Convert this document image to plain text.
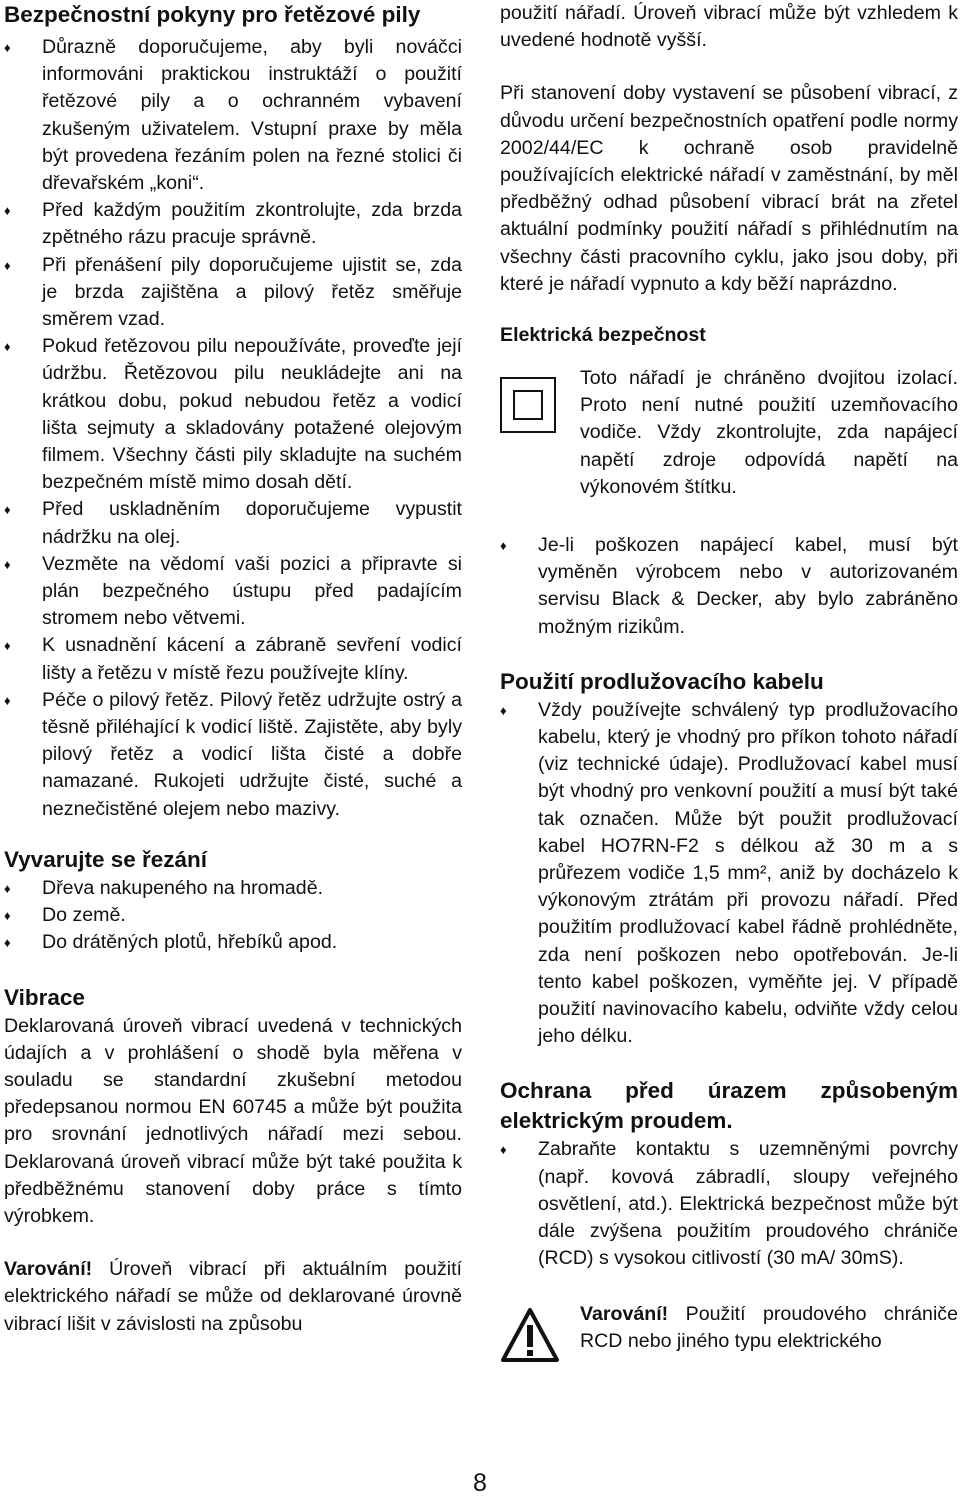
Bezpečnostní pokyny pro řetězové pily
♦ Důrazně doporučujeme, aby byli nováčci informováni praktickou instruktáží o použití řetězové pily a o ochranném vybavení zkušeným uživatelem. Vstupní praxe by měla být provedena řezáním polen na řezné stolici či dřevařském „koni“.
♦ Před každým použitím zkontrolujte, zda brzda zpětného rázu pracuje správně.
♦ Při přenášení pily doporučujeme ujistit se, zda je brzda zajištěna a pilový řetěz směřuje směrem vzad.
♦ Pokud řetězovou pilu nepoužíváte, proveďte její údržbu. Řetězovou pilu neukládejte ani na krátkou dobu, pokud nebudou řetěz a vodicí lišta sejmuty a skladovány potažené olejovým filmem. Všechny části pily skladujte na suchém bezpečném místě mimo dosah dětí.
♦ Před uskladněním doporučujeme vypustit nádržku na olej.
♦ Vezměte na vědomí vaši pozici a připravte si plán bezpečného ústupu před padajícím stromem nebo větvemi.
♦ K usnadnění kácení a zábraně sevření vodicí lišty a řetězu v místě řezu používejte klíny.
♦ Péče o pilový řetěz. Pilový řetěz udržujte ostrý a těsně přiléhající k vodicí liště. Zajistěte, aby byly pilový řetěz a vodicí lišta čisté a dobře namazané. Rukojeti udržujte čisté, suché a neznečistěné olejem nebo mazivy.
Vyvarujte se řezání
♦ Dřeva nakupeného na hromadě.
♦ Do země.
♦ Do drátěných plotů, hřebíků apod.
Vibrace

Deklarovaná úroveň vibrací uvedená v technických údajích a v prohlášení o shodě byla měřena v souladu se standardní zkušební metodou předepsanou normou EN 60745 a může být použita pro srovnání jednotlivých nářadí mezi sebou. Deklarovaná úroveň vibrací může být také použita k předběžnému stanovení doby práce s tímto výrobkem.

Varování! Úroveň vibrací při aktuálním použití elektrického nářadí se může od deklarované úrovně vibrací lišit v závislosti na způsobu

použití nářadí. Úroveň vibrací může být vzhledem k uvedené hodnotě vyšší.

Při stanovení doby vystavení se působení vibrací, z důvodu určení bezpečnostních opatření podle normy 2002/44/EC k ochraně osob pravidelně používajících elektrické nářadí v zaměstnání, by měl předběžný odhad působení vibrací brát na zřetel aktuální podmínky použití nářadí s přihlédnutím na všechny části pracovního cyklu, jako jsou doby, při které je nářadí vypnuto a kdy běží naprázdno.

Elektrická bezpečnost

Toto nářadí je chráněno dvojitou izolací. Proto není nutné použití uzemňovacího vodiče. Vždy zkontrolujte, zda napájecí napětí zdroje odpovídá napětí na výkonovém štítku.

♦ Je-li poškozen napájecí kabel, musí být vyměněn výrobcem nebo v autorizovaném servisu Black & Decker, aby bylo zabráněno možným rizikům.
Použití prodlužovacího kabelu
♦ Vždy používejte schválený typ prodlužovacího kabelu, který je vhodný pro příkon tohoto nářadí (viz technické údaje). Prodlužovací kabel musí být vhodný pro venkovní použití a musí být také tak označen. Může být použit prodlužovací kabel HO7RN-F2 s délkou až 30 m a s průřezem vodiče 1,5 mm², aniž by docházelo k výkonovým ztrátám při provozu nářadí. Před použitím prodlužovací kabel řádně prohlédněte, zda není poškozen nebo opotřebován. Je-li tento kabel poškozen, vyměňte jej. V případě použití navinovacího kabelu, odviňte vždy celou jeho délku.
Ochrana před úrazem způsobeným elektrickým proudem.
♦ Zabraňte kontaktu s uzemněnými povrchy (např. kovová zábradlí, sloupy veřejného osvětlení, atd.). Elektrická bezpečnost může být dále zvýšena použitím proudového chrániče (RCD) s vysokou citlivostí (30 mA/ 30mS).

Varování! Použití proudového chrániče RCD nebo jiného typu elektrického

8
